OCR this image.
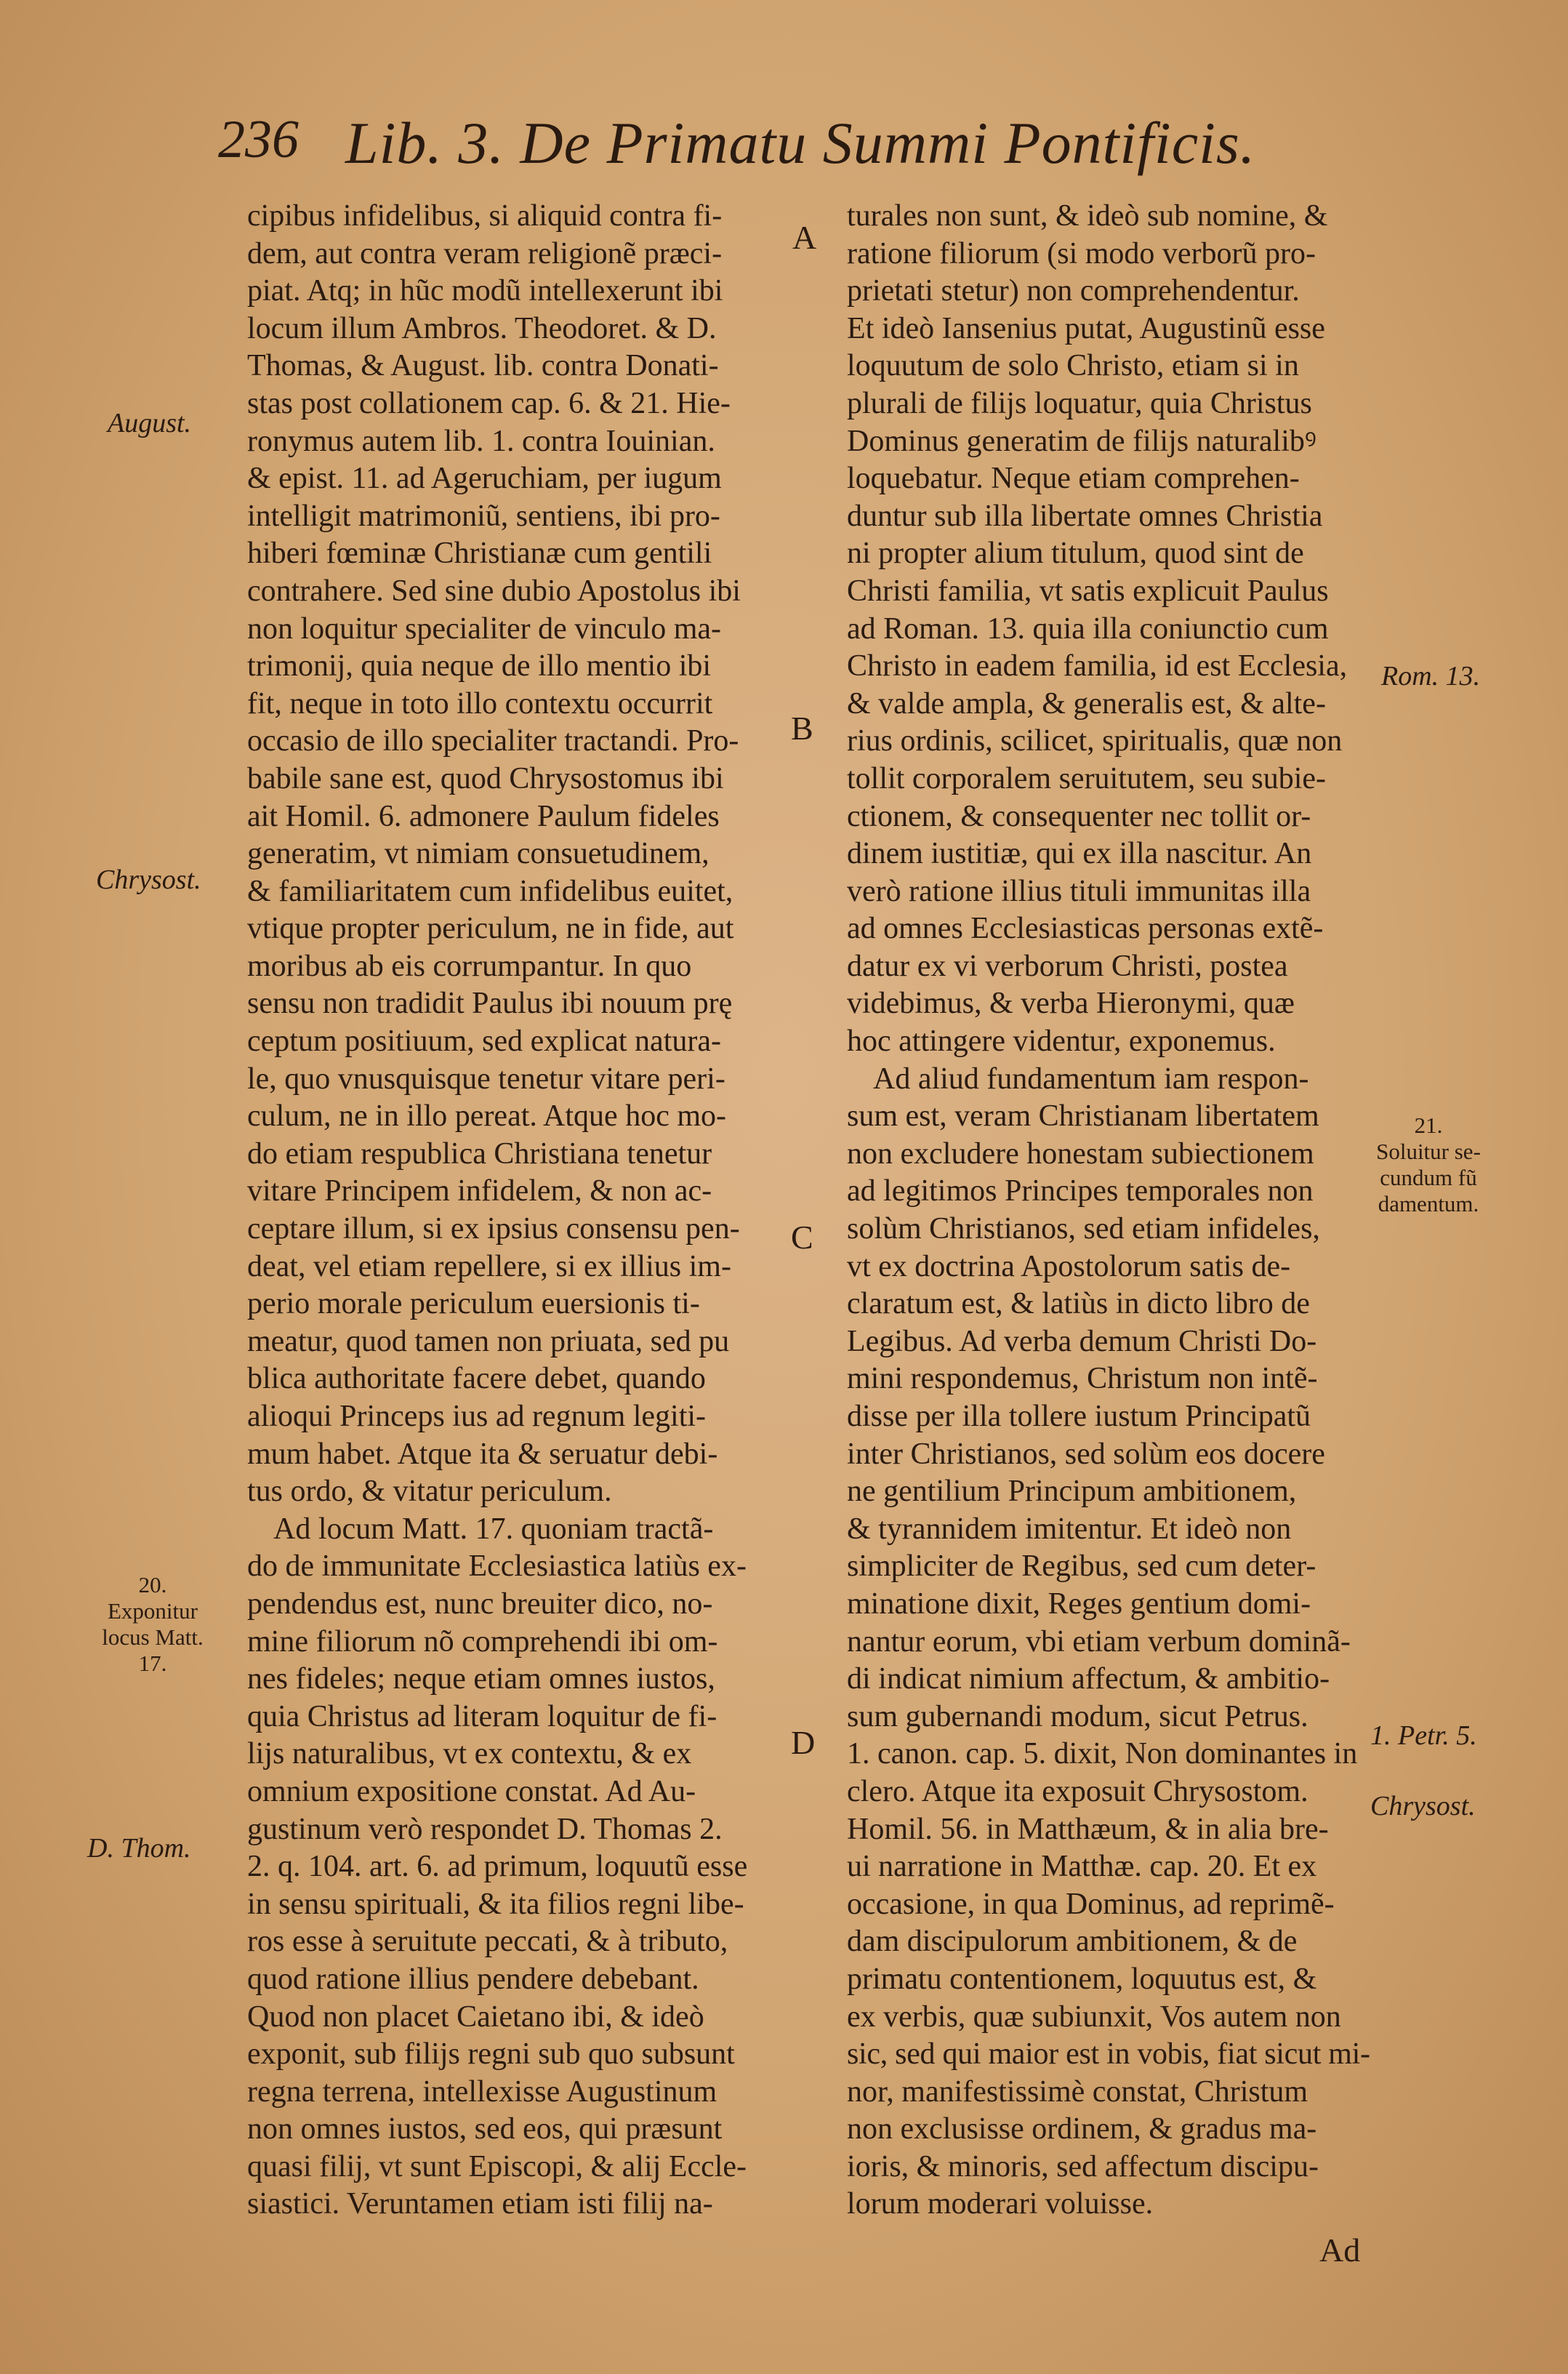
236 Lib. 3. De Primatu Summi Pontificis.
cipibus infidelibus, si aliquid contra fi-
dem, aut contra veram religionẽ præci-
piat. Atq; in hũc modũ intellexerunt ibi
locum illum Ambros. Theodoret. & D.
Thomas, & August. lib. contra Donati-
stas post collationem cap. 6. & 21. Hie-
ronymus autem lib. 1. contra Iouinian.
& epist. 11. ad Ageruchiam, per iugum
intelligit matrimoniũ, sentiens, ibi pro-
hiberi fœminæ Christianæ cum gentili
contrahere. Sed sine dubio Apostolus ibi
non loquitur specialiter de vinculo ma-
trimonij, quia neque de illo mentio ibi
fit, neque in toto illo contextu occurrit
occasio de illo specialiter tractandi. Pro-
babile sane est, quod Chrysostomus ibi
ait Homil. 6. admonere Paulum fideles
generatim, vt nimiam consuetudinem,
& familiaritatem cum infidelibus euitet,
vtique propter periculum, ne in fide, aut
moribus ab eis corrumpantur. In quo
sensu non tradidit Paulus ibi nouum prę
ceptum positiuum, sed explicat natura-
le, quo vnusquisque tenetur vitare peri-
culum, ne in illo pereat. Atque hoc mo-
do etiam respublica Christiana tenetur
vitare Principem infidelem, & non ac-
ceptare illum, si ex ipsius consensu pen-
deat, vel etiam repellere, si ex illius im-
perio morale periculum euersionis ti-
meatur, quod tamen non priuata, sed pu
blica authoritate facere debet, quando
alioqui Princeps ius ad regnum legiti-
mum habet. Atque ita & seruatur debi-
tus ordo, & vitatur periculum.
Ad locum Matt. 17. quoniam tractã-
do de immunitate Ecclesiastica latiùs ex-
pendendus est, nunc breuiter dico, no-
mine filiorum nõ comprehendi ibi om-
nes fideles; neque etiam omnes iustos,
quia Christus ad literam loquitur de fi-
lijs naturalibus, vt ex contextu, & ex
omnium expositione constat. Ad Au-
gustinum verò respondet D. Thomas 2.
2. q. 104. art. 6. ad primum, loquutũ esse
in sensu spirituali, & ita filios regni libe-
ros esse à seruitute peccati, & à tributo,
quod ratione illius pendere debebant.
Quod non placet Caietano ibi, & ideò
exponit, sub filijs regni sub quo subsunt
regna terrena, intellexisse Augustinum
non omnes iustos, sed eos, qui præsunt
quasi filij, vt sunt Episcopi, & alij Eccle-
siastici. Veruntamen etiam isti filij na-
turales non sunt, & ideò sub nomine, &
ratione filiorum (si modo verborũ pro-
prietati stetur) non comprehendentur.
Et ideò Iansenius putat, Augustinũ esse
loquutum de solo Christo, etiam si in
plurali de filijs loquatur, quia Christus
Dominus generatim de filijs naturalibꝰ
loquebatur. Neque etiam comprehen-
duntur sub illa libertate omnes Christia
ni propter alium titulum, quod sint de
Christi familia, vt satis explicuit Paulus
ad Roman. 13. quia illa coniunctio cum
Christo in eadem familia, id est Ecclesia,
& valde ampla, & generalis est, & alte-
rius ordinis, scilicet, spiritualis, quæ non
tollit corporalem seruitutem, seu subie-
ctionem, & consequenter nec tollit or-
dinem iustitiæ, qui ex illa nascitur. An
verò ratione illius tituli immunitas illa
ad omnes Ecclesiasticas personas extẽ-
datur ex vi verborum Christi, postea
videbimus, & verba Hieronymi, quæ
hoc attingere videntur, exponemus.
Ad aliud fundamentum iam respon-
sum est, veram Christianam libertatem
non excludere honestam subiectionem
ad legitimos Principes temporales non
solùm Christianos, sed etiam infideles,
vt ex doctrina Apostolorum satis de-
claratum est, & latiùs in dicto libro de
Legibus. Ad verba demum Christi Do-
mini respondemus, Christum non intẽ-
disse per illa tollere iustum Principatũ
inter Christianos, sed solùm eos docere
ne gentilium Principum ambitionem,
& tyrannidem imitentur. Et ideò non
simpliciter de Regibus, sed cum deter-
minatione dixit, Reges gentium domi-
nantur eorum, vbi etiam verbum dominã-
di indicat nimium affectum, & ambitio-
sum gubernandi modum, sicut Petrus.
1. canon. cap. 5. dixit, Non dominantes in
clero. Atque ita exposuit Chrysostom.
Homil. 56. in Matthæum, & in alia bre-
ui narratione in Matthæ. cap. 20. Et ex
occasione, in qua Dominus, ad reprimẽ-
dam discipulorum ambitionem, & de
primatu contentionem, loquutus est, &
ex verbis, quæ subiunxit, Vos autem non
sic, sed qui maior est in vobis, fiat sicut mi-
nor, manifestissimè constat, Christum
non exclusisse ordinem, & gradus ma-
ioris, & minoris, sed affectum discipu-
lorum moderari voluisse.
A
B
C
D
August.
Chrysost.
20.
Exponitur
locus Matt.
17.
D. Thom.
Rom. 13.
21.
Soluitur se-
cundum fũ
damentum.
1. Petr. 5.
Chrysost.
Ad
